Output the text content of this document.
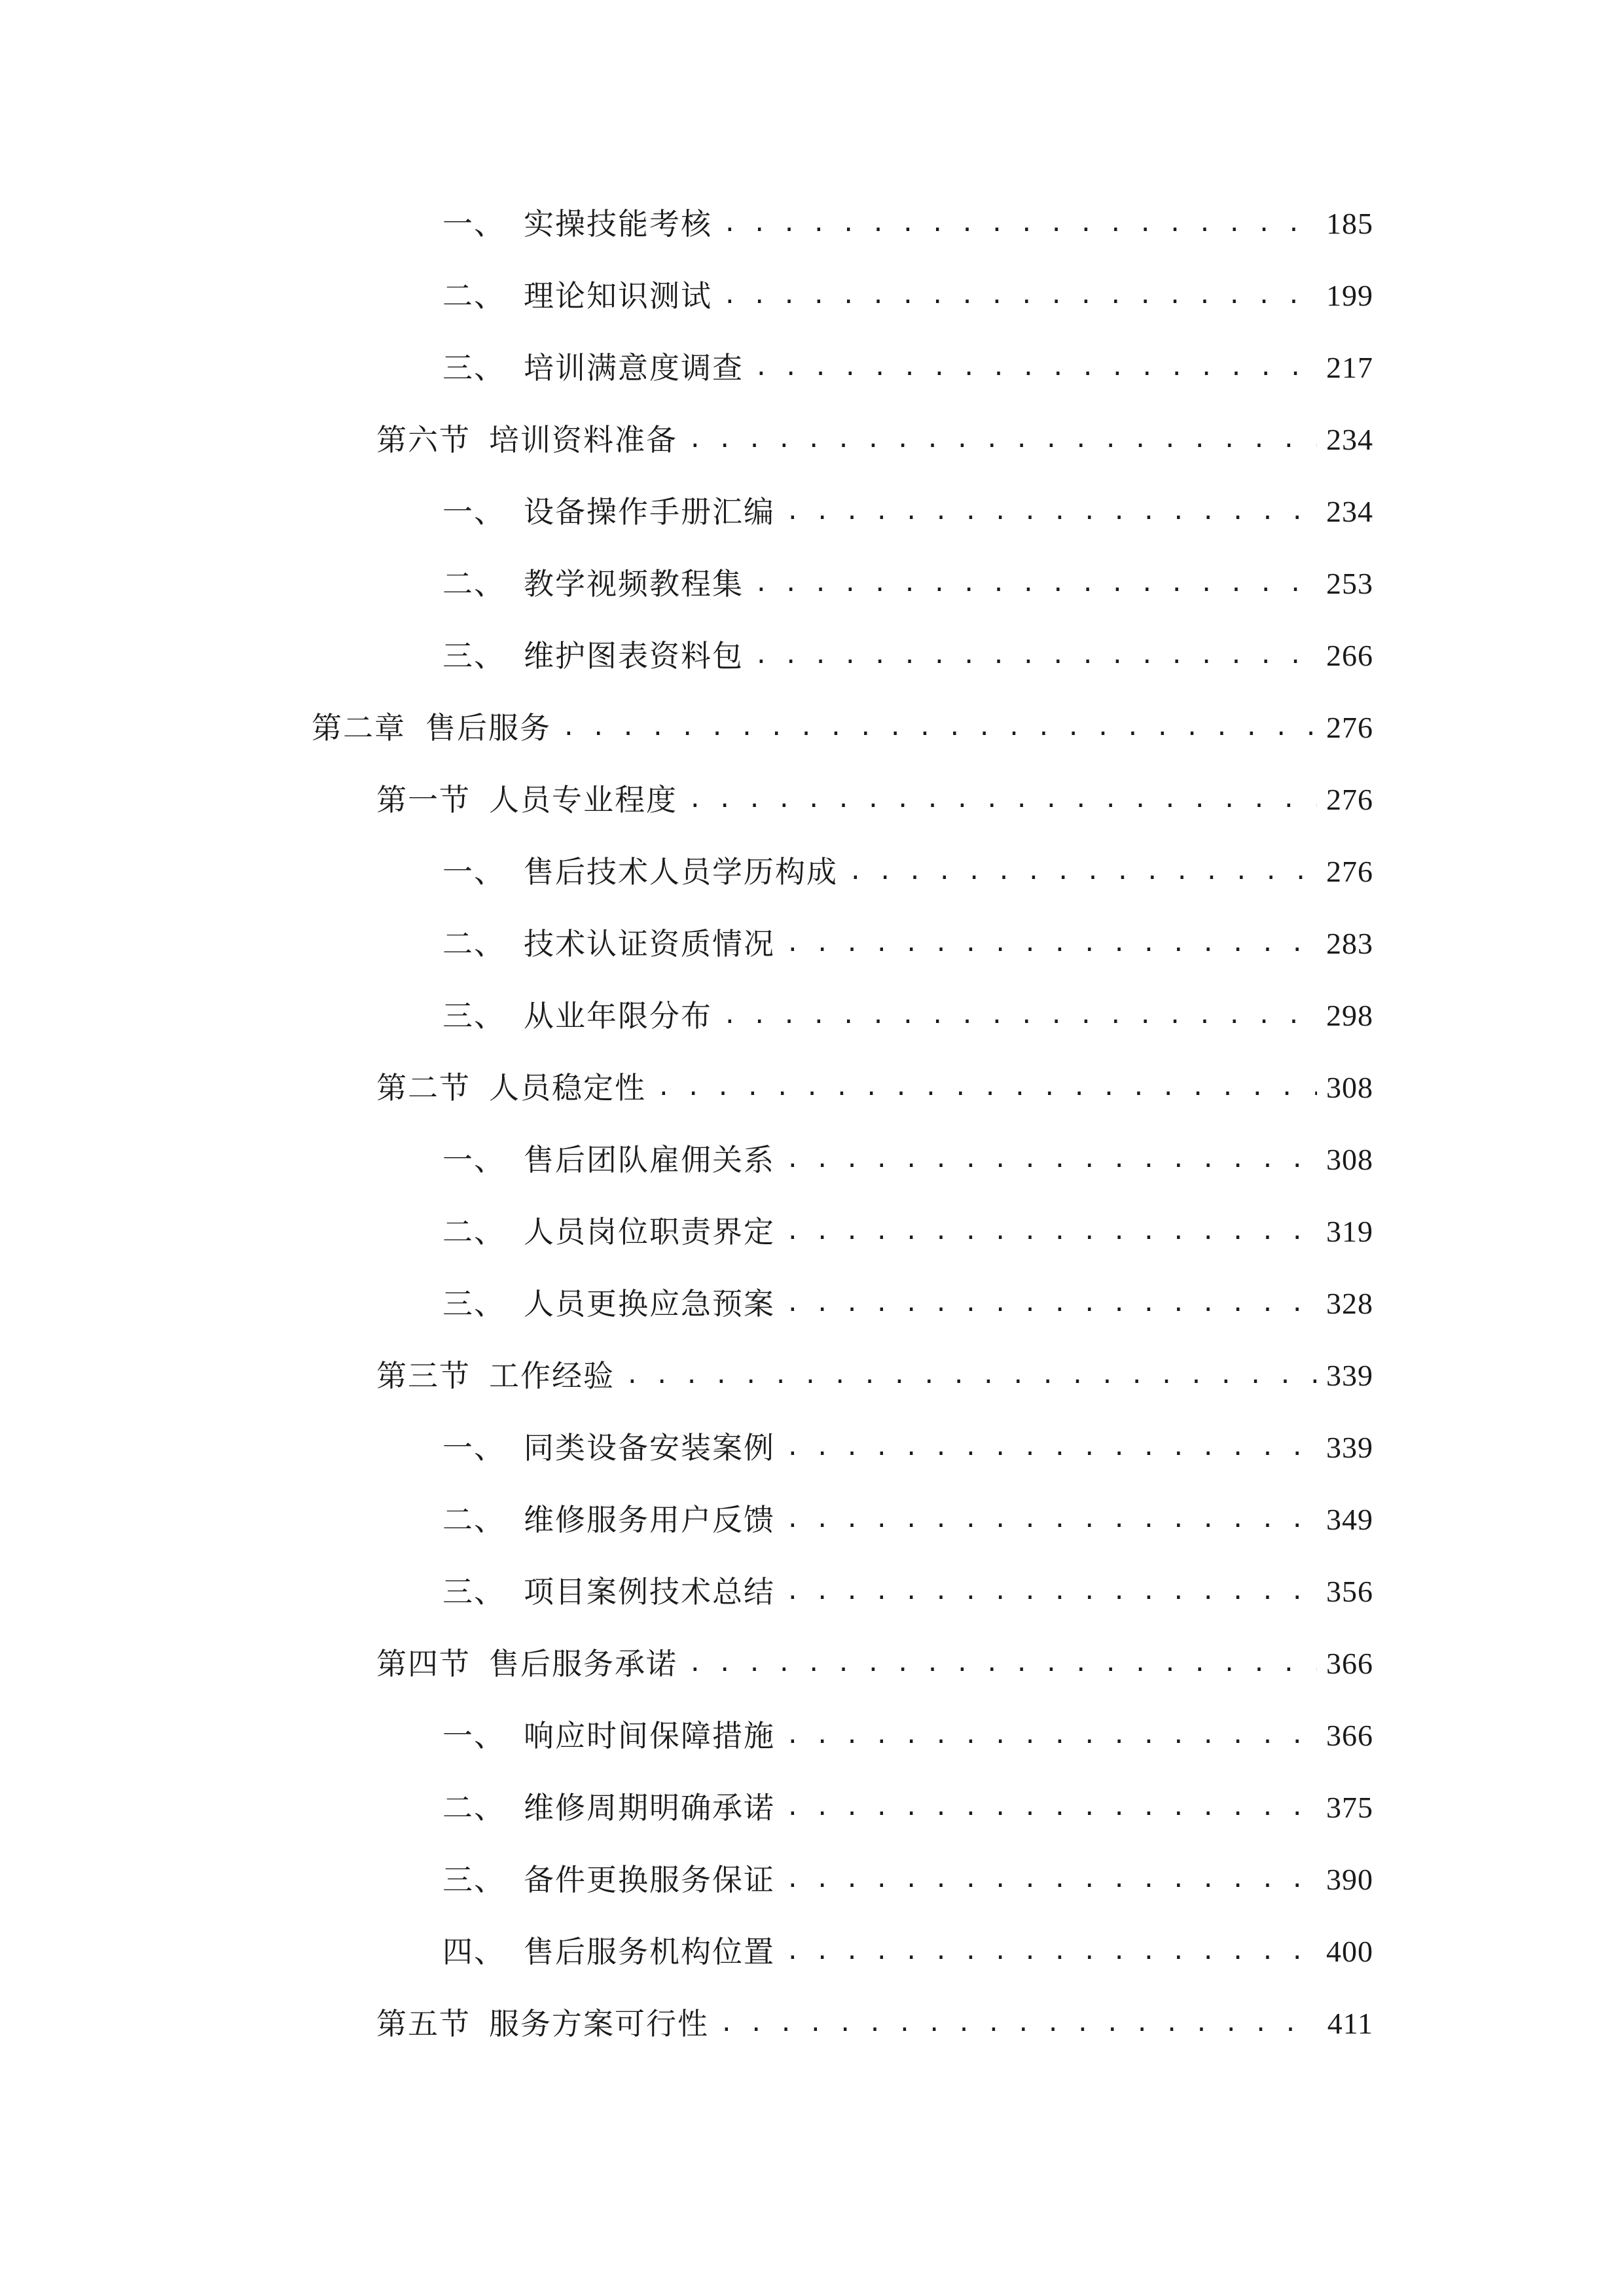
一、 实操技能考核 . . .	185
二、 理论知识测试 . . .	199
三、 培训满意度调查 . . .	217
第六节 培训资料准备 . . .	234
一、 设备操作手册汇编 . . .	234
二、 教学视频教程集 . . .	253
三、 维护图表资料包 . . .	266
第二章 售后服务 . . .	276
第一节 人员专业程度 . . .	276
一、 售后技术人员学历构成 . . .	276
二、 技术认证资质情况 . . .	283
三、 从业年限分布 . . .	298
第二节 人员稳定性 . . .	308
一、 售后团队雇佣关系 . . .	308
二、 人员岗位职责界定 . . .	319
三、 人员更换应急预案 . . .	328
第三节 工作经验 . . .	339
一、 同类设备安装案例 . . .	339
二、 维修服务用户反馈 . . .	349
三、 项目案例技术总结 . . .	356
第四节 售后服务承诺 . . .	366
一、 响应时间保障措施 . . .	366
二、 维修周期明确承诺 . . .	375
三、 备件更换服务保证 . . .	390
四、 售后服务机构位置 . . .	400
第五节 服务方案可行性 . . .	411
